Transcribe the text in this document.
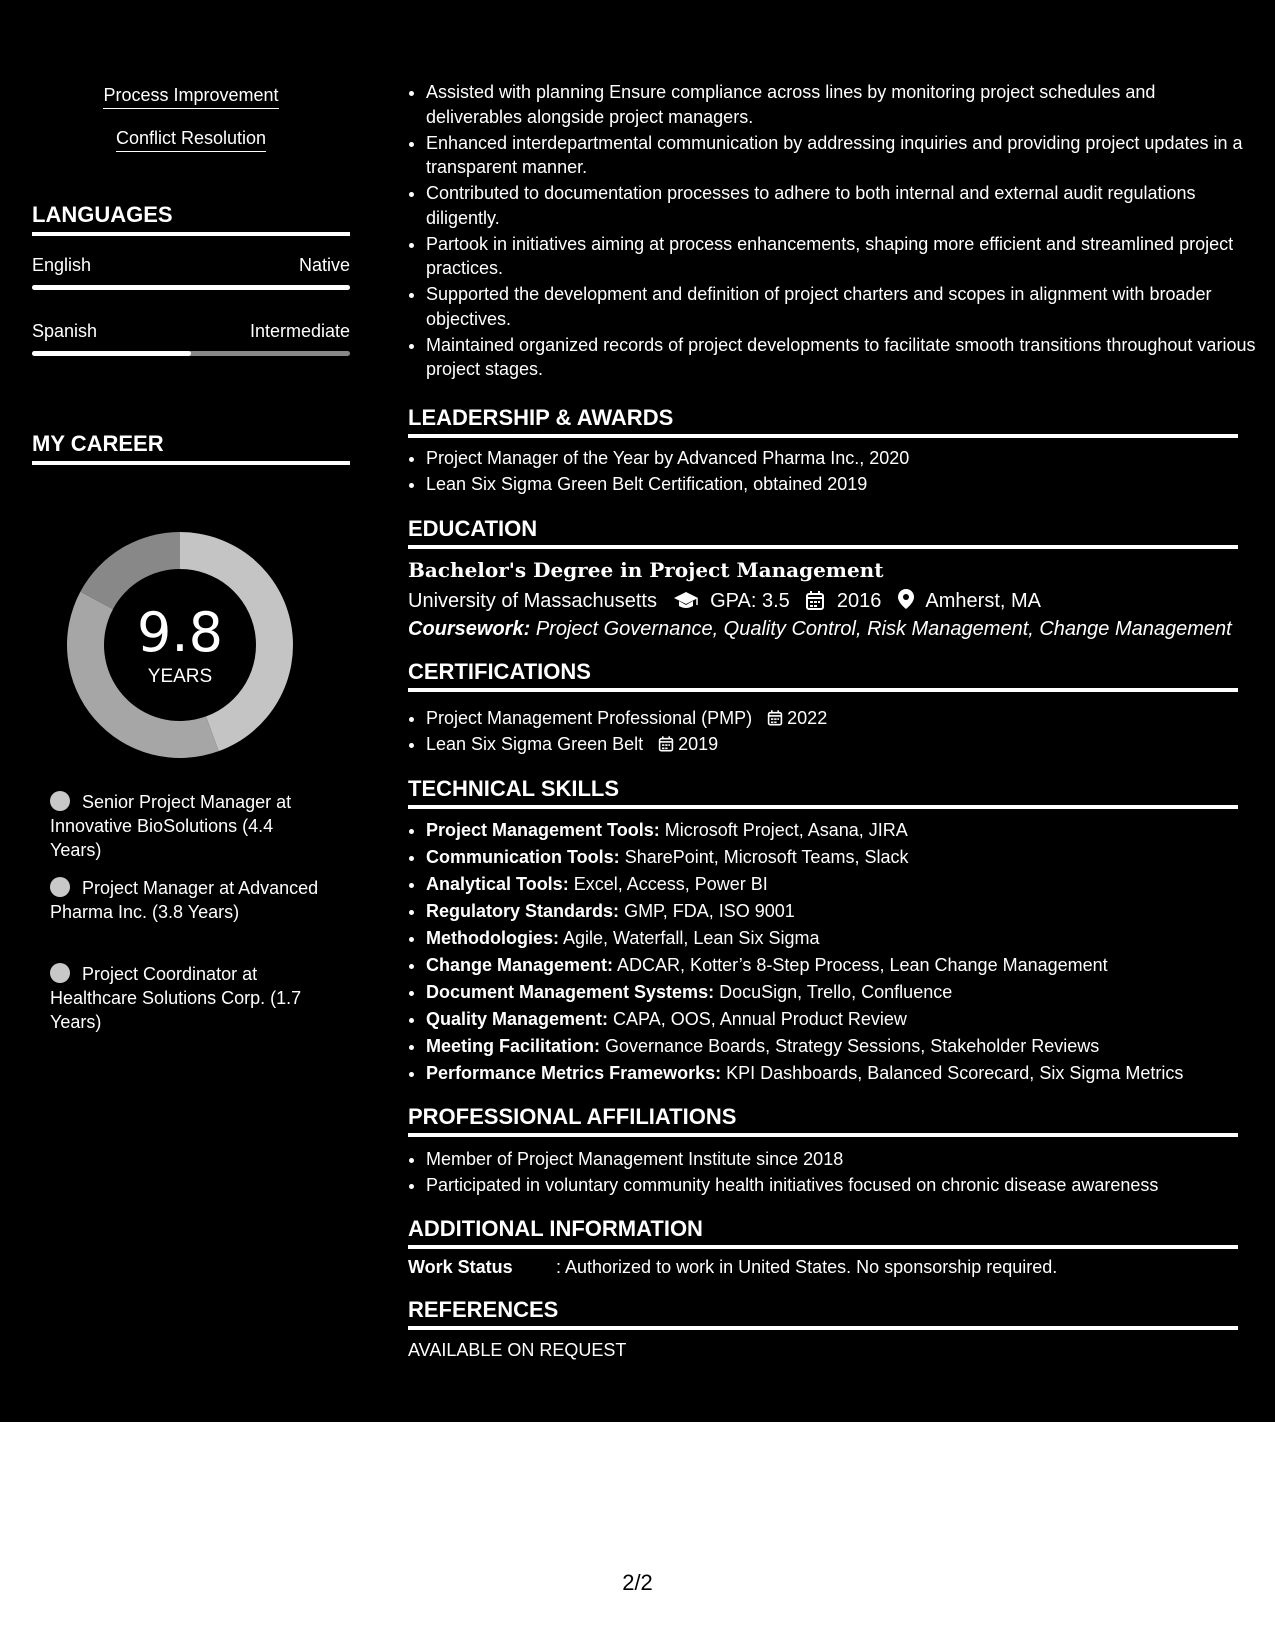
Process Improvement
Conflict Resolution
LANGUAGES
English	Native
Spanish	Intermediate
MY CAREER
9.8
YEARS
Senior Project Manager at Innovative BioSolutions (4.4 Years)
Project Manager at Advanced Pharma Inc. (3.8 Years)
Project Coordinator at Healthcare Solutions Corp. (1.7 Years)
• Assisted with planning Ensure compliance across lines by monitoring project schedules and deliverables alongside project managers.
• Enhanced interdepartmental communication by addressing inquiries and providing project updates in a transparent manner.
• Contributed to documentation processes to adhere to both internal and external audit regulations diligently.
• Partook in initiatives aiming at process enhancements, shaping more efficient and streamlined project practices.
• Supported the development and definition of project charters and scopes in alignment with broader objectives.
• Maintained organized records of project developments to facilitate smooth transitions throughout various project stages.
LEADERSHIP & AWARDS
• Project Manager of the Year by Advanced Pharma Inc., 2020
• Lean Six Sigma Green Belt Certification, obtained 2019
EDUCATION
Bachelor's Degree in Project Management
University of Massachusetts	GPA: 3.5 2016 Amherst, MA
Coursework: Project Governance, Quality Control, Risk Management, Change Management
CERTIFICATIONS
• Project Management Professional (PMP) 2022
• Lean Six Sigma Green Belt 2019
TECHNICAL SKILLS
• Project Management Tools: Microsoft Project, Asana, JIRA
• Communication Tools: SharePoint, Microsoft Teams, Slack
• Analytical Tools: Excel, Access, Power BI
• Regulatory Standards: GMP, FDA, ISO 9001
• Methodologies: Agile, Waterfall, Lean Six Sigma
• Change Management: ADCAR, Kotter’s 8-Step Process, Lean Change Management
• Document Management Systems: DocuSign, Trello, Confluence
• Quality Management: CAPA, OOS, Annual Product Review
• Meeting Facilitation: Governance Boards, Strategy Sessions, Stakeholder Reviews
• Performance Metrics Frameworks: KPI Dashboards, Balanced Scorecard, Six Sigma Metrics
PROFESSIONAL AFFILIATIONS
• Member of Project Management Institute since 2018
• Participated in voluntary community health initiatives focused on chronic disease awareness
ADDITIONAL INFORMATION
Work Status : Authorized to work in United States. No sponsorship required.
REFERENCES
AVAILABLE ON REQUEST
2/2
